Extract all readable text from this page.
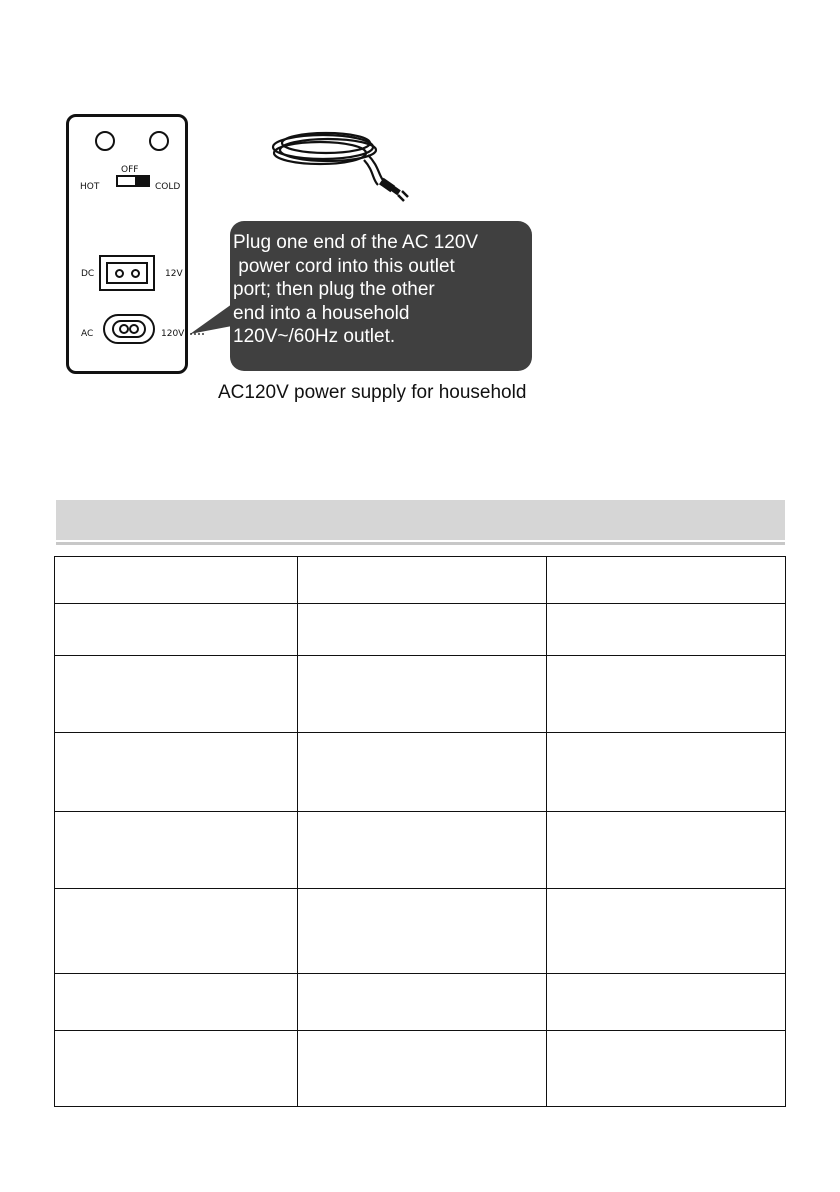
OFF
HOT	COLD
DC	12V
AC	120V
Plug one end of the AC 120V
power cord into this outlet
port; then plug the other
end into a household
120V~/60Hz outlet.
AC120V power supply for household
